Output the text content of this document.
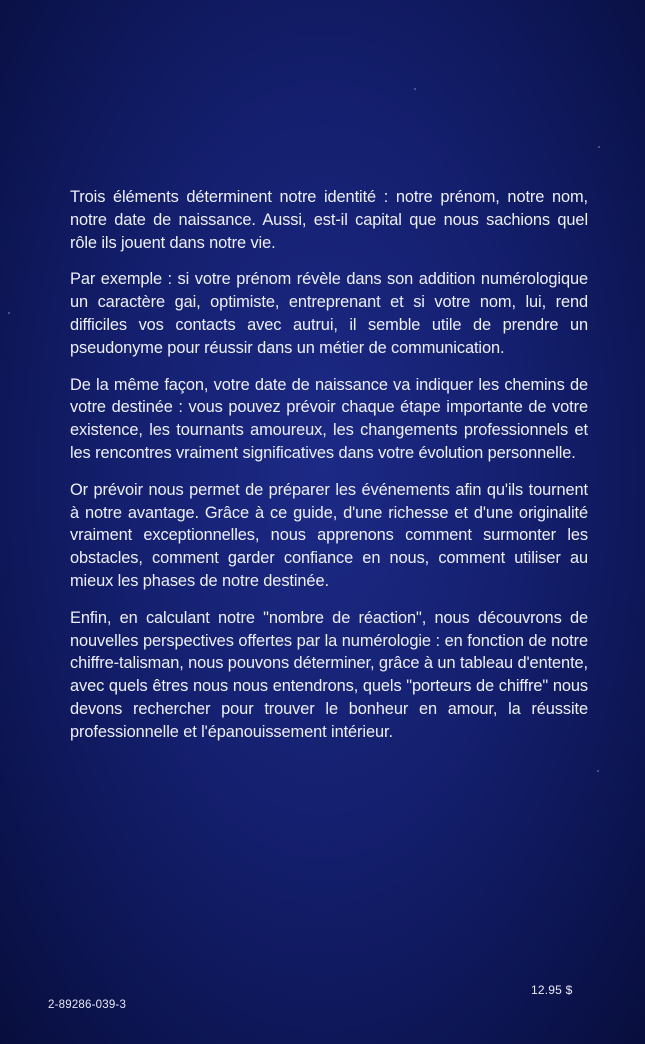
Trois éléments déterminent notre identité : notre prénom, notre nom, notre date de naissance. Aussi, est-il capital que nous sachions quel rôle ils jouent dans notre vie.

Par exemple : si votre prénom révèle dans son addition numérologique un caractère gai, optimiste, entreprenant et si votre nom, lui, rend difficiles vos contacts avec autrui, il semble utile de prendre un pseudonyme pour réussir dans un métier de communication.

De la même façon, votre date de naissance va indiquer les chemins de votre destinée : vous pouvez prévoir chaque étape importante de votre existence, les tournants amoureux, les changements professionnels et les rencontres vraiment significatives dans votre évolution personnelle.

Or prévoir nous permet de préparer les événements afin qu'ils tournent à notre avantage. Grâce à ce guide, d'une richesse et d'une originalité vraiment exceptionnelles, nous apprenons comment surmonter les obstacles, comment garder confiance en nous, comment utiliser au mieux les phases de notre destinée.

Enfin, en calculant notre "nombre de réaction", nous découvrons de nouvelles perspectives offertes par la numérologie : en fonction de notre chiffre-talisman, nous pouvons déterminer, grâce à un tableau d'entente, avec quels êtres nous nous entendrons, quels "porteurs de chiffre" nous devons rechercher pour trouver le bonheur en amour, la réussite professionnelle et l'épanouissement intérieur.

12.95 $
2-89286-039-3
